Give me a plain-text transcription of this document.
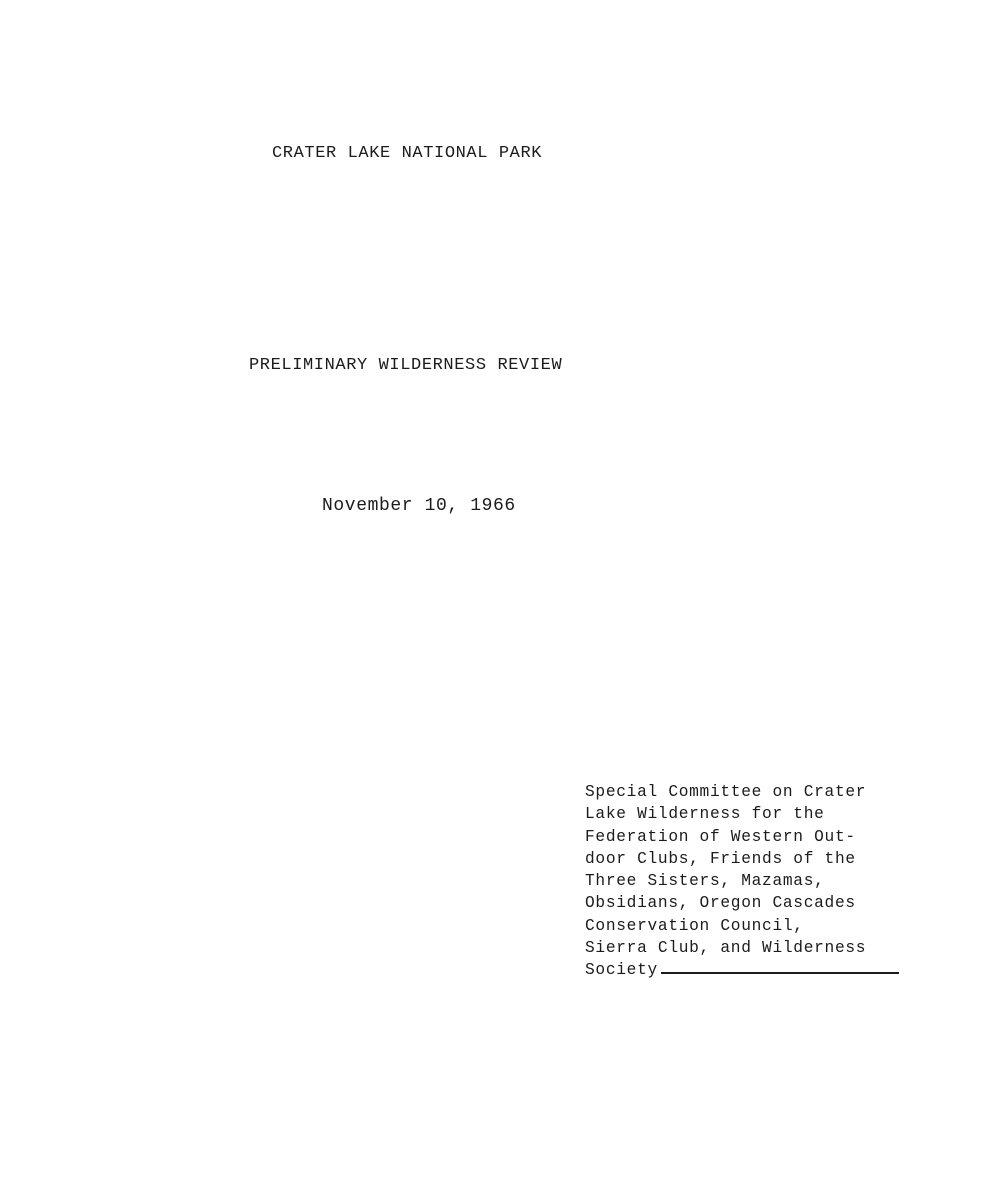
CRATER LAKE NATIONAL PARK
PRELIMINARY WILDERNESS REVIEW
November 10, 1966
Special Committee on Crater
Lake Wilderness for the
Federation of Western Out-
door Clubs, Friends of the
Three Sisters, Mazamas,
Obsidians, Oregon Cascades
Conservation Council,
Sierra Club, and Wilderness
Society
